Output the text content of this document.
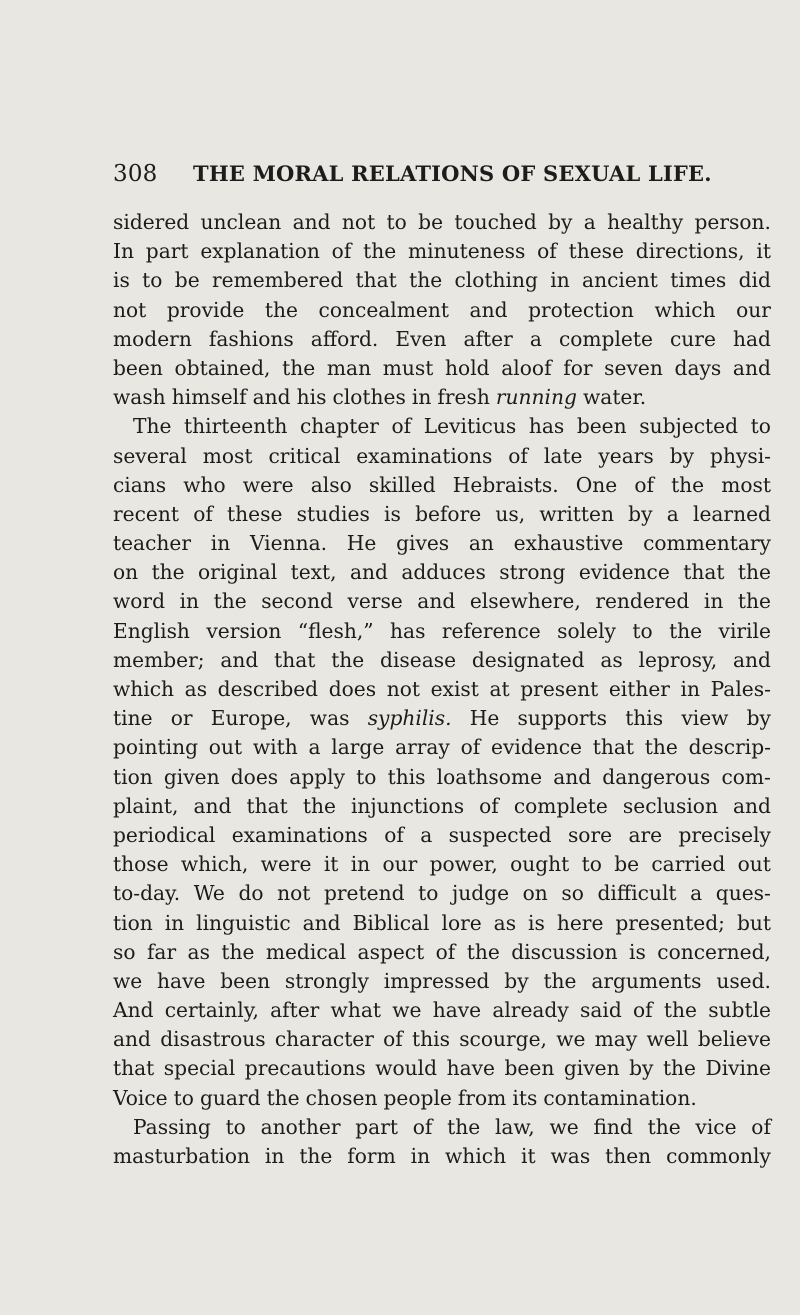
308	THE MORAL RELATIONS OF SEXUAL LIFE.
sidered unclean and not to be touched by a healthy person.
In part explanation of the minuteness of these directions, it
is to be remembered that the clothing in ancient times did
not provide the concealment and protection which our
modern fashions afford. Even after a complete cure had
been obtained, the man must hold aloof for seven days and
wash himself and his clothes in fresh running water.
The thirteenth chapter of Leviticus has been subjected to
several most critical examinations of late years by physi-
cians who were also skilled Hebraists. One of the most
recent of these studies is before us, written by a learned
teacher in Vienna. He gives an exhaustive commentary
on the original text, and adduces strong evidence that the
word in the second verse and elsewhere, rendered in the
English version “flesh,” has reference solely to the virile
member; and that the disease designated as leprosy, and
which as described does not exist at present either in Pales-
tine or Europe, was syphilis. He supports this view by
pointing out with a large array of evidence that the descrip-
tion given does apply to this loathsome and dangerous com-
plaint, and that the injunctions of complete seclusion and
periodical examinations of a suspected sore are precisely
those which, were it in our power, ought to be carried out
to-day. We do not pretend to judge on so difficult a ques-
tion in linguistic and Biblical lore as is here presented; but
so far as the medical aspect of the discussion is concerned,
we have been strongly impressed by the arguments used.
And certainly, after what we have already said of the subtle
and disastrous character of this scourge, we may well believe
that special precautions would have been given by the Divine
Voice to guard the chosen people from its contamination.
Passing to another part of the law, we find the vice of
masturbation in the form in which it was then commonly
